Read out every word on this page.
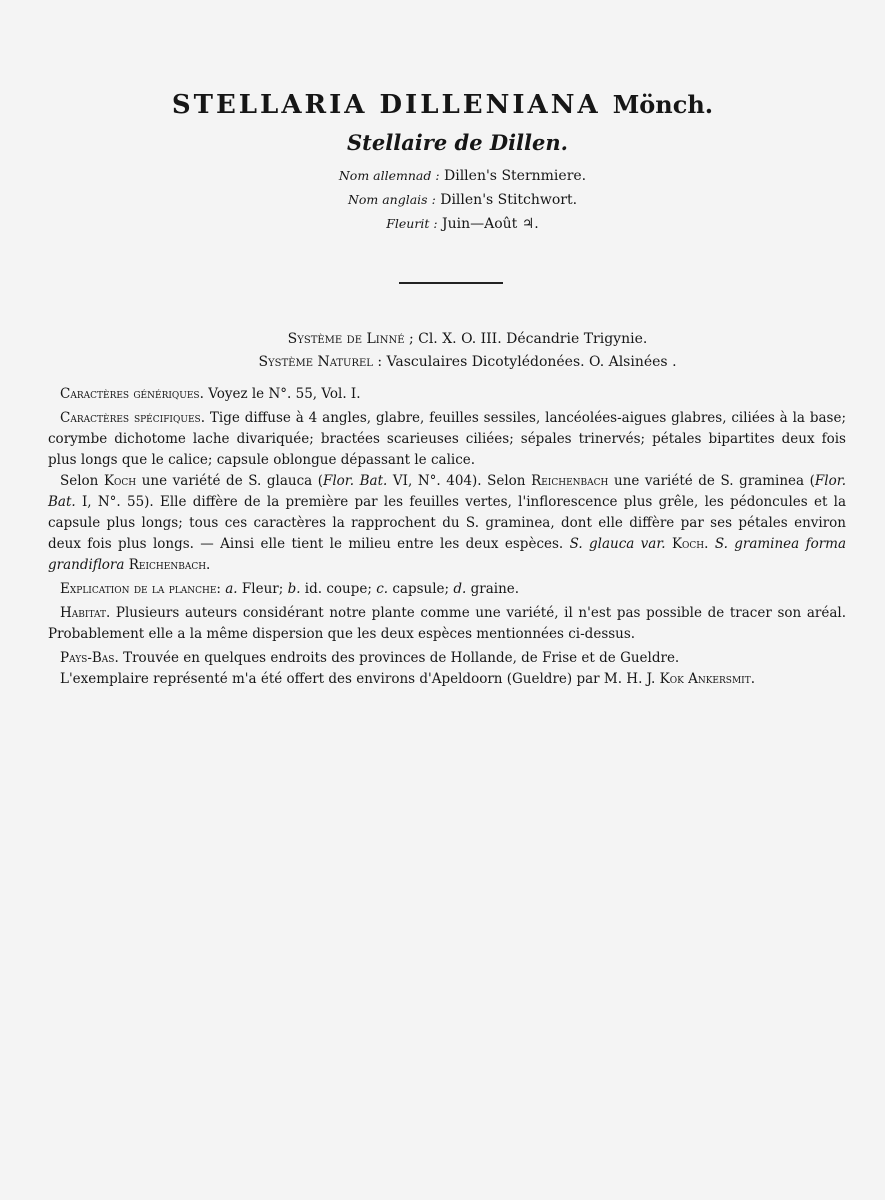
STELLARIA DILLENIANA Mönch.
Stellaire de Dillen.
Nom allemnad : Dillen's Sternmiere.
Nom anglais : Dillen's Stitchwort.
Fleurit : Juin—Août ♃.
Système de Linné ; Cl. X. O. III. Décandrie Trigynie.
Système Naturel : Vasculaires Dicotylédonées. O. Alsinées .

Caractères génériques. Voyez le N°. 55, Vol. I.

Caractères spécifiques. Tige diffuse à 4 angles, glabre, feuilles sessiles, lancéolées-aigues glabres, ciliées à la base; corymbe dichotome lache divariquée; bractées scarieuses ciliées; sépales trinervés; pétales bipartites deux fois plus longs que le calice; capsule oblongue dépassant le calice.

Selon Koch une variété de S. glauca (Flor. Bat. VI, N°. 404). Selon Reichenbach une variété de S. graminea (Flor. Bat. I, N°. 55). Elle diffère de la première par les feuilles vertes, l'inflorescence plus grêle, les pédoncules et la capsule plus longs; tous ces caractères la rapprochent du S. graminea, dont elle diffère par ses pétales environ deux fois plus longs. — Ainsi elle tient le milieu entre les deux espèces. S. glauca var. Koch. S. graminea forma grandiflora Reichenbach.

Explication de la planche: a. Fleur; b. id. coupe; c. capsule; d. graine.

Habitat. Plusieurs auteurs considérant notre plante comme une variété, il n'est pas possible de tracer son aréal. Probablement elle a la même dispersion que les deux espèces mentionnées ci-dessus.

Pays-Bas. Trouvée en quelques endroits des provinces de Hollande, de Frise et de Gueldre.

L'exemplaire représenté m'a été offert des environs d'Apeldoorn (Gueldre) par M. H. J. Kok Ankersmit.
